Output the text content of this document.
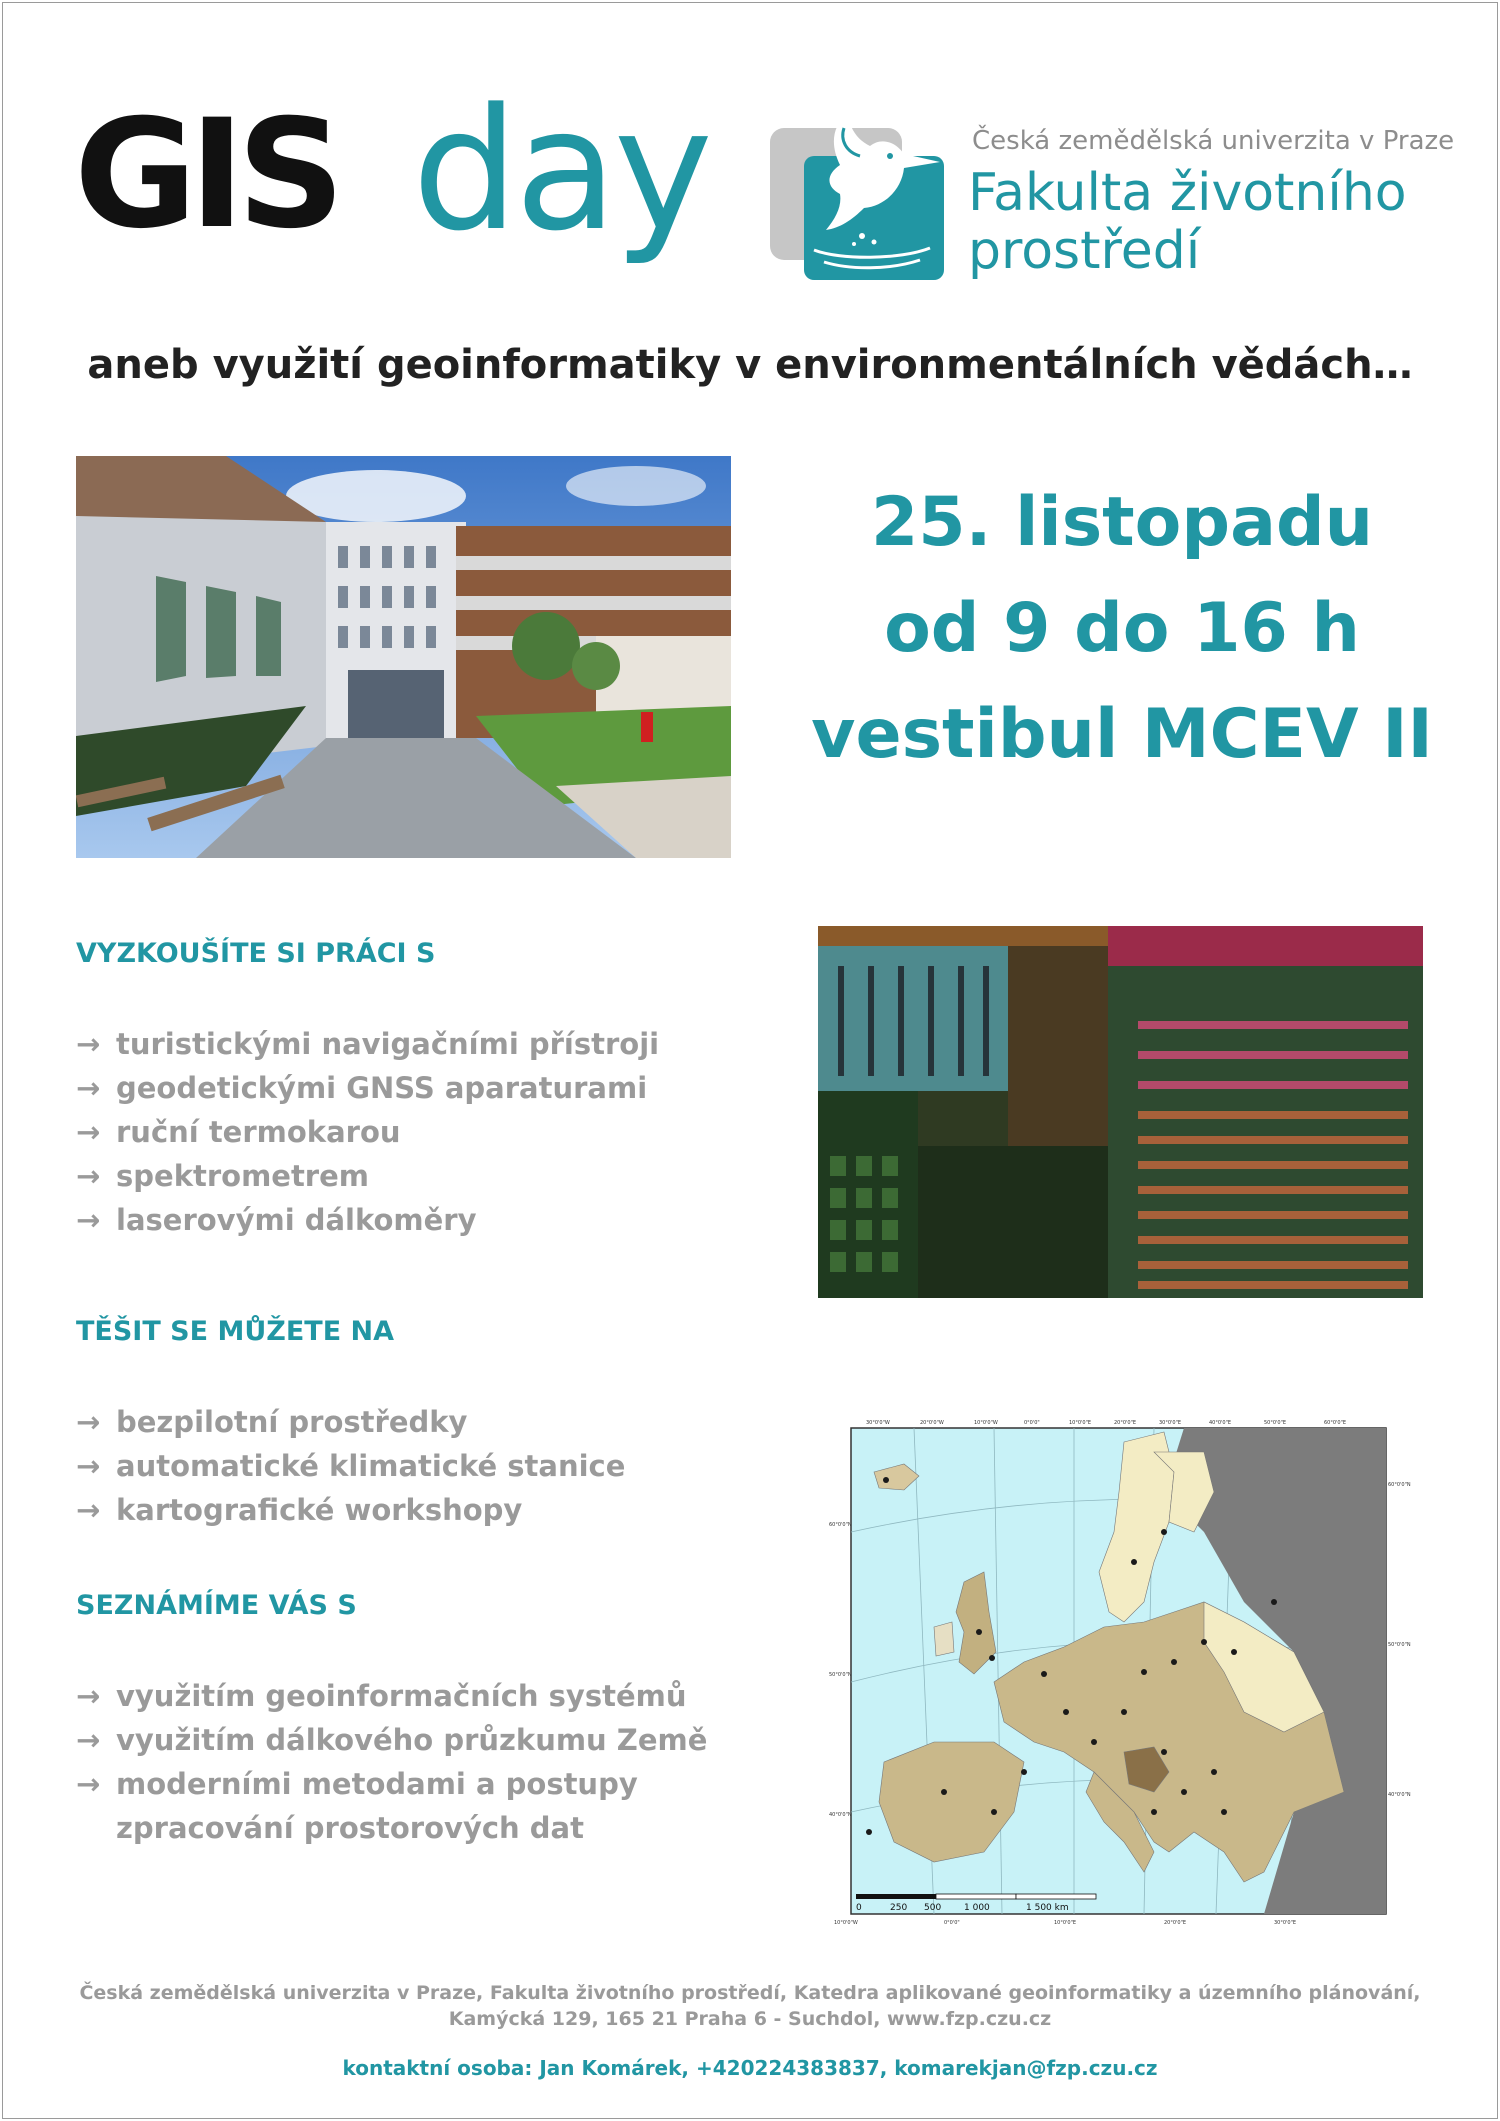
GIS day	Česká zemědělská univerzita v Praze
Fakulta životního
prostředí
aneb využití geoinformatiky v environmentálních vědách…
25. listopadu
od 9 do 16 h
vestibul MCEV II
VYZKOUŠÍTE SI PRÁCI S
→ turistickými navigačními přístroji
→ geodetickými GNSS aparaturami
→ ruční termokarou
→ spektrometrem
→ laserovými dálkoměry
TĚŠIT SE MŮŽETE NA
→ bezpilotní prostředky
→ automatické klimatické stanice
→ kartografické workshopy
SEZNÁMÍME VÁS S
→ využitím geoinformačních systémů
→ využitím dálkového průzkumu Země
→ moderními metodami a postupy
zpracování prostorových dat
0	250 500	1 000	1 500 km
30°0'0"W	20°0'0"W	10°0'0"W	0°0'0"	10°0'0"E	20°0'0"E	30°0'0"E	40°0'0"E	50°0'0"E	60°0'0"E
60°0'0"N
50°0'0"N
40°0'0"N
60°0'0"N
50°0'0"N
40°0'0"N
10°0'0"W	0°0'0"	10°0'0"E	20°0'0"E	30°0'0"E
Česká zemědělská univerzita v Praze, Fakulta životního prostředí, Katedra aplikované geoinformatiky a územního plánování,
Kamýcká 129, 165 21 Praha 6 - Suchdol, www.fzp.czu.cz
kontaktní osoba: Jan Komárek, +420224383837, komarekjan@fzp.czu.cz
